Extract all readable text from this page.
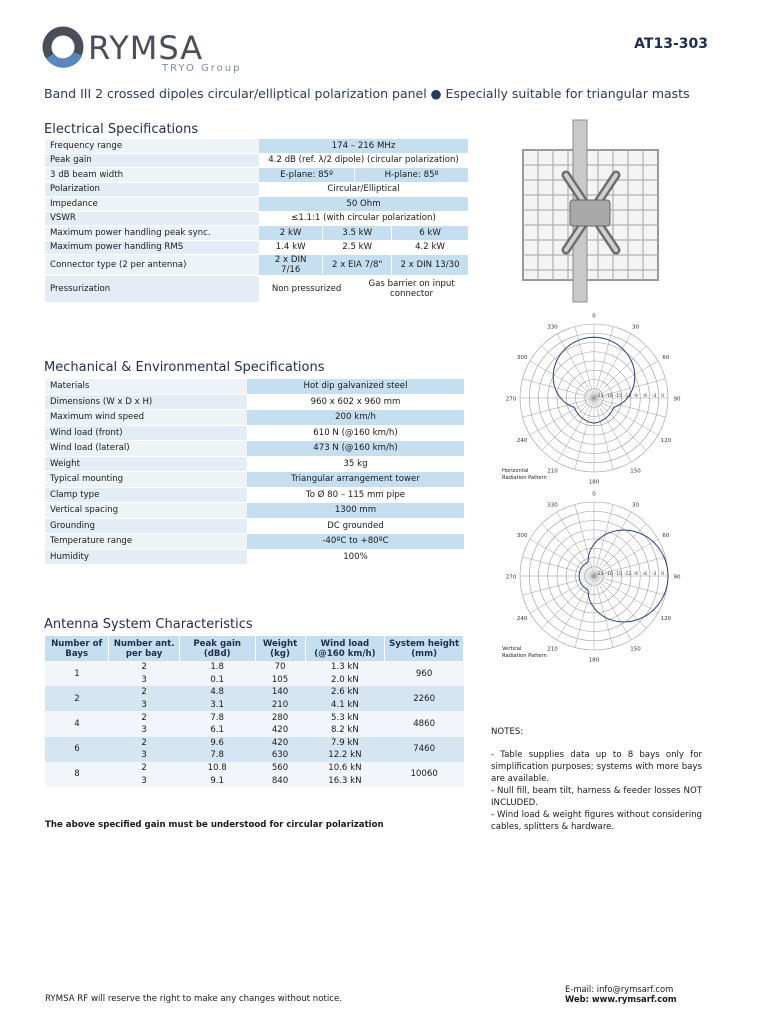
RYMSA
TRYO Group
AT13-303
Band III 2 crossed dipoles circular/elliptical polarization panel ● Especially suitable for triangular masts
Electrical Specifications
Frequency range	174 – 216 MHz			
Peak gain	4.2 dB (ref. λ/2 dipole) (circular polarization)			
3 dB beam width	E-plane: 85º		H-plane: 85º	
Polarization	Circular/Elliptical			
Impedance	50 Ohm			
VSWR	≤1.1:1 (with circular polarization)			
Maximum power handling peak sync.	2 kW	3.5 kW		6 kW
Maximum power handling RMS	1.4 kW	2.5 kW		4.2 kW
Connector type (2 per antenna)	2 x DIN 7/16	2 x EIA 7/8"		2 x DIN 13/30
Pressurization	Non pressurized		Gas barrier on input connector	
Mechanical & Environmental Specifications
Materials	Hot dip galvanized steel
Dimensions (W x D x H)	960 x 602 x 960 mm
Maximum wind speed	200 km/h
Wind load (front)	610 N (@160 km/h)
Wind load (lateral)	473 N (@160 km/h)
Weight	35 kg
Typical mounting	Triangular arrangement tower
Clamp type	To Ø 80 – 115 mm pipe
Vertical spacing	1300 mm
Grounding	DC grounded
Temperature range	-40ºC to +80ºC
Humidity	100%
Antenna System Characteristics
Number of Bays	Number ant. per bay	Peak gain (dBd)	Weight (kg)	Wind load (@160 km/h)	System height (mm)
1	2	1.8	70	1.3 kN	960
	3	0.1	105	2.0 kN	
2	2	4.8	140	2.6 kN	2260
	3	3.1	210	4.1 kN	
4	2	7.8	280	5.3 kN	4860
	3	6.1	420	8.2 kN	
6	2	9.6	420	7.9 kN	7460
	3	7.8	630	12.2 kN	
8	2	10.8	560	10.6 kN	10060
	3	9.1	840	16.3 kN	
The above specified gain must be understood for circular polarization
0
30
60
90
120
150
180
210
240
270
300
330
-21 -18 -15 -12 -9 -6 -3 0
Horizontal
Radiation Pattern
0
30
60
90
120
150
180
210
240
270
300
330
-21 -18 -15 -12 -9 -6 -3 0
Vertical
Radiation Pattern
NOTES:
- Table supplies data up to 8 bays only for simplification purposes; systems with more bays are available.
- Null fill, beam tilt, harness & feeder losses NOT INCLUDED.
- Wind load & weight figures without considering cables, splitters & hardware.
E-mail: info@rymsarf.com
Web: www.rymsarf.com
RYMSA RF will reserve the right to make any changes without notice.
